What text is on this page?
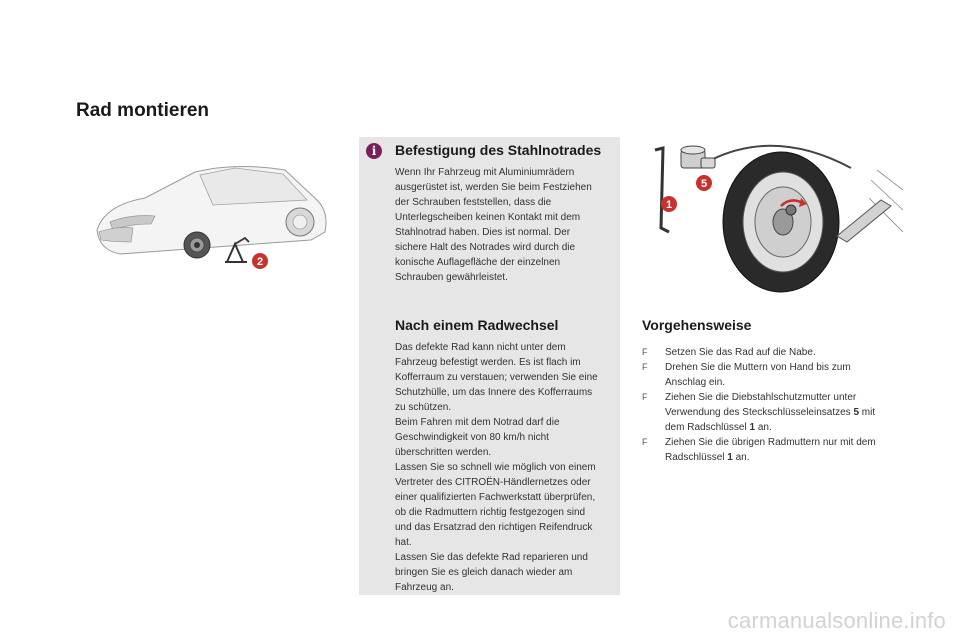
Rad montieren
2
i	Befestigung des Stahlnotrades

Wenn Ihr Fahrzeug mit Aluminiumrädern
ausgerüstet ist, werden Sie beim Festziehen
der Schrauben feststellen, dass die
Unterlegscheiben keinen Kontakt mit dem
Stahlnotrad haben. Dies ist normal. Der
sichere Halt des Notrades wird durch die
konische Auflagefläche der einzelnen
Schrauben gewährleistet.

Nach einem Radwechsel

Das defekte Rad kann nicht unter dem
Fahrzeug befestigt werden. Es ist flach im
Kofferraum zu verstauen; verwenden Sie eine
Schutzhülle, um das Innere des Kofferraums
zu schützen.
Beim Fahren mit dem Notrad darf die
Geschwindigkeit von 80 km/h nicht
überschritten werden.
Lassen Sie so schnell wie möglich von einem
Vertreter des CITROËN-Händlernetzes oder
einer qualifizierten Fachwerkstatt überprüfen,
ob die Radmuttern richtig festgezogen sind
und das Ersatzrad den richtigen Reifendruck
hat.
Lassen Sie das defekte Rad reparieren und
bringen Sie es gleich danach wieder am
Fahrzeug an.

1
5
Vorgehensweise
F Setzen Sie das Rad auf die Nabe.
F Drehen Sie die Muttern von Hand bis zum
Anschlag ein.
F Ziehen Sie die Diebstahlschutzmutter unter
Verwendung des Steckschlüsseleinsatzes 5 mit
dem Radschlüssel 1 an.
F Ziehen Sie die übrigen Radmuttern nur mit dem
Radschlüssel 1 an.
carmanualsonline.info
